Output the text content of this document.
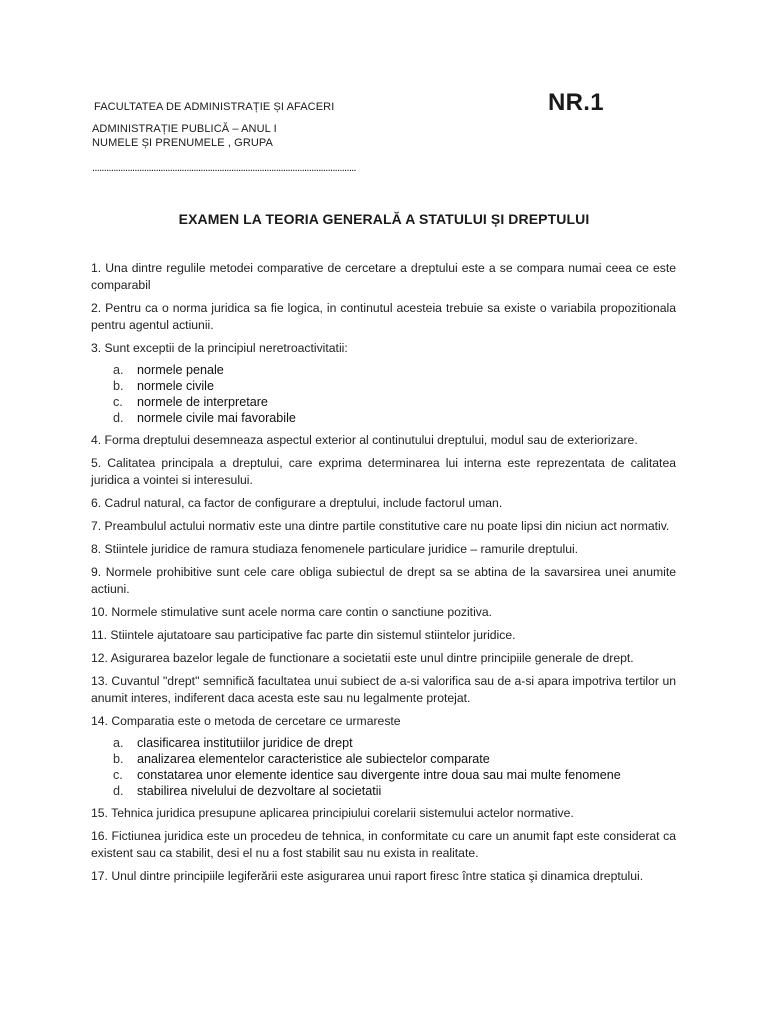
FACULTATEA DE ADMINISTRAȚIE ȘI AFACERI
ADMINISTRAȚIE PUBLICĂ – ANUL I
NUMELE ȘI PRENUMELE , GRUPA
NR.1
................................................................................................................
EXAMEN LA TEORIA GENERALĂ A STATULUI ȘI DREPTULUI

1. Una dintre regulile metodei comparative de cercetare a dreptului este a se compara numai ceea ce este comparabil

2. Pentru ca o norma juridica sa fie logica, in continutul acesteia trebuie sa existe o variabila propozitionala pentru agentul actiunii.

3. Sunt exceptii de la principiul neretroactivitatii:

a.	normele penale
b.	normele civile
c.	normele de interpretare
d.	normele civile mai favorabile

4. Forma dreptului desemneaza aspectul exterior al continutului dreptului, modul sau de exteriorizare.

5. Calitatea principala a dreptului, care exprima determinarea lui interna este reprezentata de calitatea juridica a vointei si interesului.

6. Cadrul natural, ca factor de configurare a dreptului, include factorul uman.

7. Preambulul actului normativ este una dintre partile constitutive care nu poate lipsi din niciun act normativ.

8. Stiintele juridice de ramura studiaza fenomenele particulare juridice – ramurile dreptului.

9. Normele prohibitive sunt cele care obliga subiectul de drept sa se abtina de la savarsirea unei anumite actiuni.

10. Normele stimulative sunt acele norma care contin o sanctiune pozitiva.

11. Stiintele ajutatoare sau participative fac parte din sistemul stiintelor juridice.

12. Asigurarea bazelor legale de functionare a societatii este unul dintre principiile generale de drept.

13. Cuvantul "drept" semnifică facultatea unui subiect de a-si valorifica sau de a-si apara impotriva tertilor un anumit interes, indiferent daca acesta este sau nu legalmente protejat.

14. Comparatia este o metoda de cercetare ce urmareste

a.	clasificarea institutiilor juridice de drept
b.	analizarea elementelor caracteristice ale subiectelor comparate
c.	constatarea unor elemente identice sau divergente intre doua sau mai multe fenomene
d.	stabilirea nivelului de dezvoltare al societatii

15. Tehnica juridica presupune aplicarea principiului corelarii sistemului actelor normative.

16. Fictiunea juridica este un procedeu de tehnica, in conformitate cu care un anumit fapt este considerat ca existent sau ca stabilit, desi el nu a fost stabilit sau nu exista in realitate.

17. Unul dintre principiile legiferării este asigurarea unui raport firesc între statica şi dinamica dreptului.
